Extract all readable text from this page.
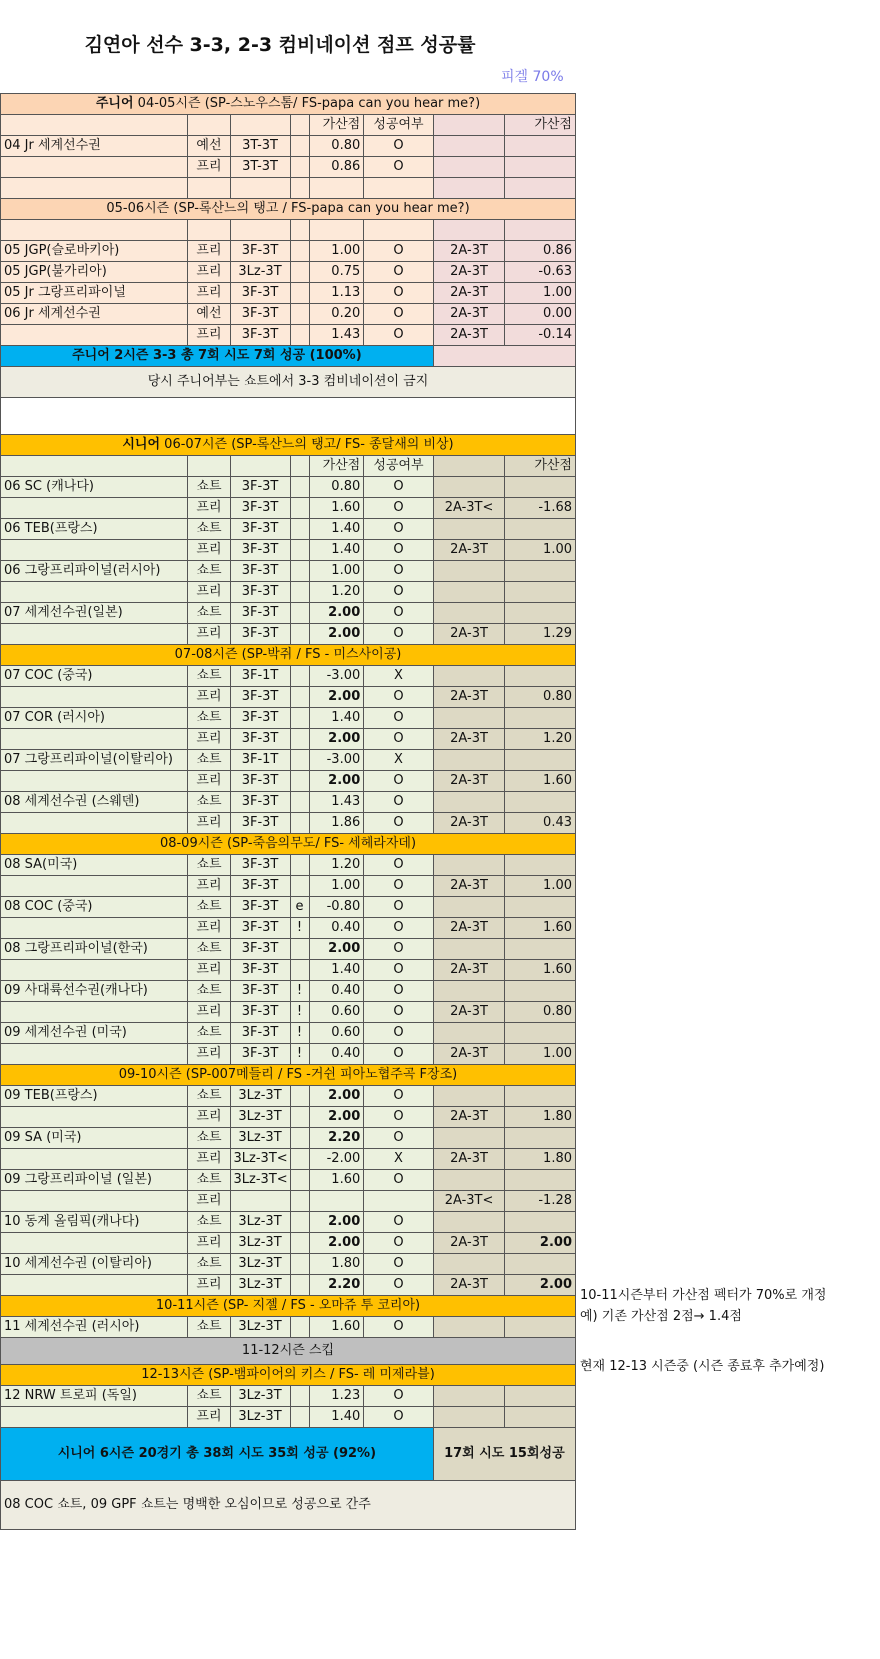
김연아 선수 3-3, 2-3 컴비네이션 점프 성공률
피겔 70%
주니어 04-05시즌 (SP-스노우스톰/ FS-papa can you hear me?)							
				가산점	성공여부		가산점
04 Jr 세계선수권	예선	3T-3T		0.80	O		
	프리	3T-3T		0.86	O		

05-06시즌 (SP-록산느의 탱고 / FS-papa can you hear me?)							

05 JGP(슬로바키아)	프리	3F-3T		1.00	O	2A-3T	0.86
05 JGP(불가리아)	프리	3Lz-3T		0.75	O	2A-3T	-0.63
05 Jr 그랑프리파이널	프리	3F-3T		1.13	O	2A-3T	1.00
06 Jr 세계선수권	예선	3F-3T		0.20	O	2A-3T	0.00
	프리	3F-3T		1.43	O	2A-3T	-0.14
주니어 2시즌 3-3 총 7회 시도 7회 성공 (100%)							
당시 주니어부는 쇼트에서 3-3 컴비네이션이 금지							

시니어 06-07시즌 (SP-록산느의 탱고/ FS- 종달새의 비상)							
				가산점	성공여부		가산점
06 SC (캐나다)	쇼트	3F-3T		0.80	O		
	프리	3F-3T		1.60	O	2A-3T<	-1.68
06 TEB(프랑스)	쇼트	3F-3T		1.40	O		
	프리	3F-3T		1.40	O	2A-3T	1.00
06 그랑프리파이널(러시아)	쇼트	3F-3T		1.00	O		
	프리	3F-3T		1.20	O		
07 세계선수권(일본)	쇼트	3F-3T		2.00	O		
	프리	3F-3T		2.00	O	2A-3T	1.29
07-08시즌 (SP-박쥐 / FS - 미스사이공)							
07 COC (중국)	쇼트	3F-1T		-3.00	X		
	프리	3F-3T		2.00	O	2A-3T	0.80
07 COR (러시아)	쇼트	3F-3T		1.40	O		
	프리	3F-3T		2.00	O	2A-3T	1.20
07 그랑프리파이널(이탈리아)	쇼트	3F-1T		-3.00	X		
	프리	3F-3T		2.00	O	2A-3T	1.60
08 세계선수권 (스웨덴)	쇼트	3F-3T		1.43	O		
	프리	3F-3T		1.86	O	2A-3T	0.43
08-09시즌 (SP-죽음의무도/ FS- 세헤라자데)							
08 SA(미국)	쇼트	3F-3T		1.20	O		
	프리	3F-3T		1.00	O	2A-3T	1.00
08 COC (중국)	쇼트	3F-3T	e	-0.80	O		
	프리	3F-3T	!	0.40	O	2A-3T	1.60
08 그랑프리파이널(한국)	쇼트	3F-3T		2.00	O		
	프리	3F-3T		1.40	O	2A-3T	1.60
09 사대륙선수권(캐나다)	쇼트	3F-3T	!	0.40	O		
	프리	3F-3T	!	0.60	O	2A-3T	0.80
09 세계선수권 (미국)	쇼트	3F-3T	!	0.60	O		
	프리	3F-3T	!	0.40	O	2A-3T	1.00
09-10시즌 (SP-007메들리 / FS -거쉰 피아노협주곡 F장조)							
09 TEB(프랑스)	쇼트	3Lz-3T		2.00	O		
	프리	3Lz-3T		2.00	O	2A-3T	1.80
09 SA (미국)	쇼트	3Lz-3T		2.20	O		
	프리	3Lz-3T<		-2.00	X	2A-3T	1.80
09 그랑프리파이널 (일본)	쇼트	3Lz-3T<		1.60	O		
	프리					2A-3T<	-1.28
10 동계 올림픽(캐나다)	쇼트	3Lz-3T		2.00	O		
	프리	3Lz-3T		2.00	O	2A-3T	2.00
10 세계선수권 (이탈리아)	쇼트	3Lz-3T		1.80	O		
	프리	3Lz-3T		2.20	O	2A-3T	2.00
10-11시즌 (SP- 지젤 / FS - 오마쥬 투 코리아)							
11 세계선수권 (러시아)	쇼트	3Lz-3T		1.60	O		
11-12시즌 스킵							
12-13시즌 (SP-뱀파이어의 키스 / FS- 레 미제라블)							
12 NRW 트로피 (독일)	쇼트	3Lz-3T		1.23	O		
	프리	3Lz-3T		1.40	O		
시니어 6시즌 20경기 총 38회 시도 35회 성공 (92%)						17회 시도 15회성공	
08 COC 쇼트, 09 GPF 쇼트는 명백한 오심이므로 성공으로 간주							
10-11시즌부터 가산점 펙터가 70%로 개정
예) 기존 가산점 2점→ 1.4점
현재 12-13 시즌중 (시즌 종료후 추가예정)
